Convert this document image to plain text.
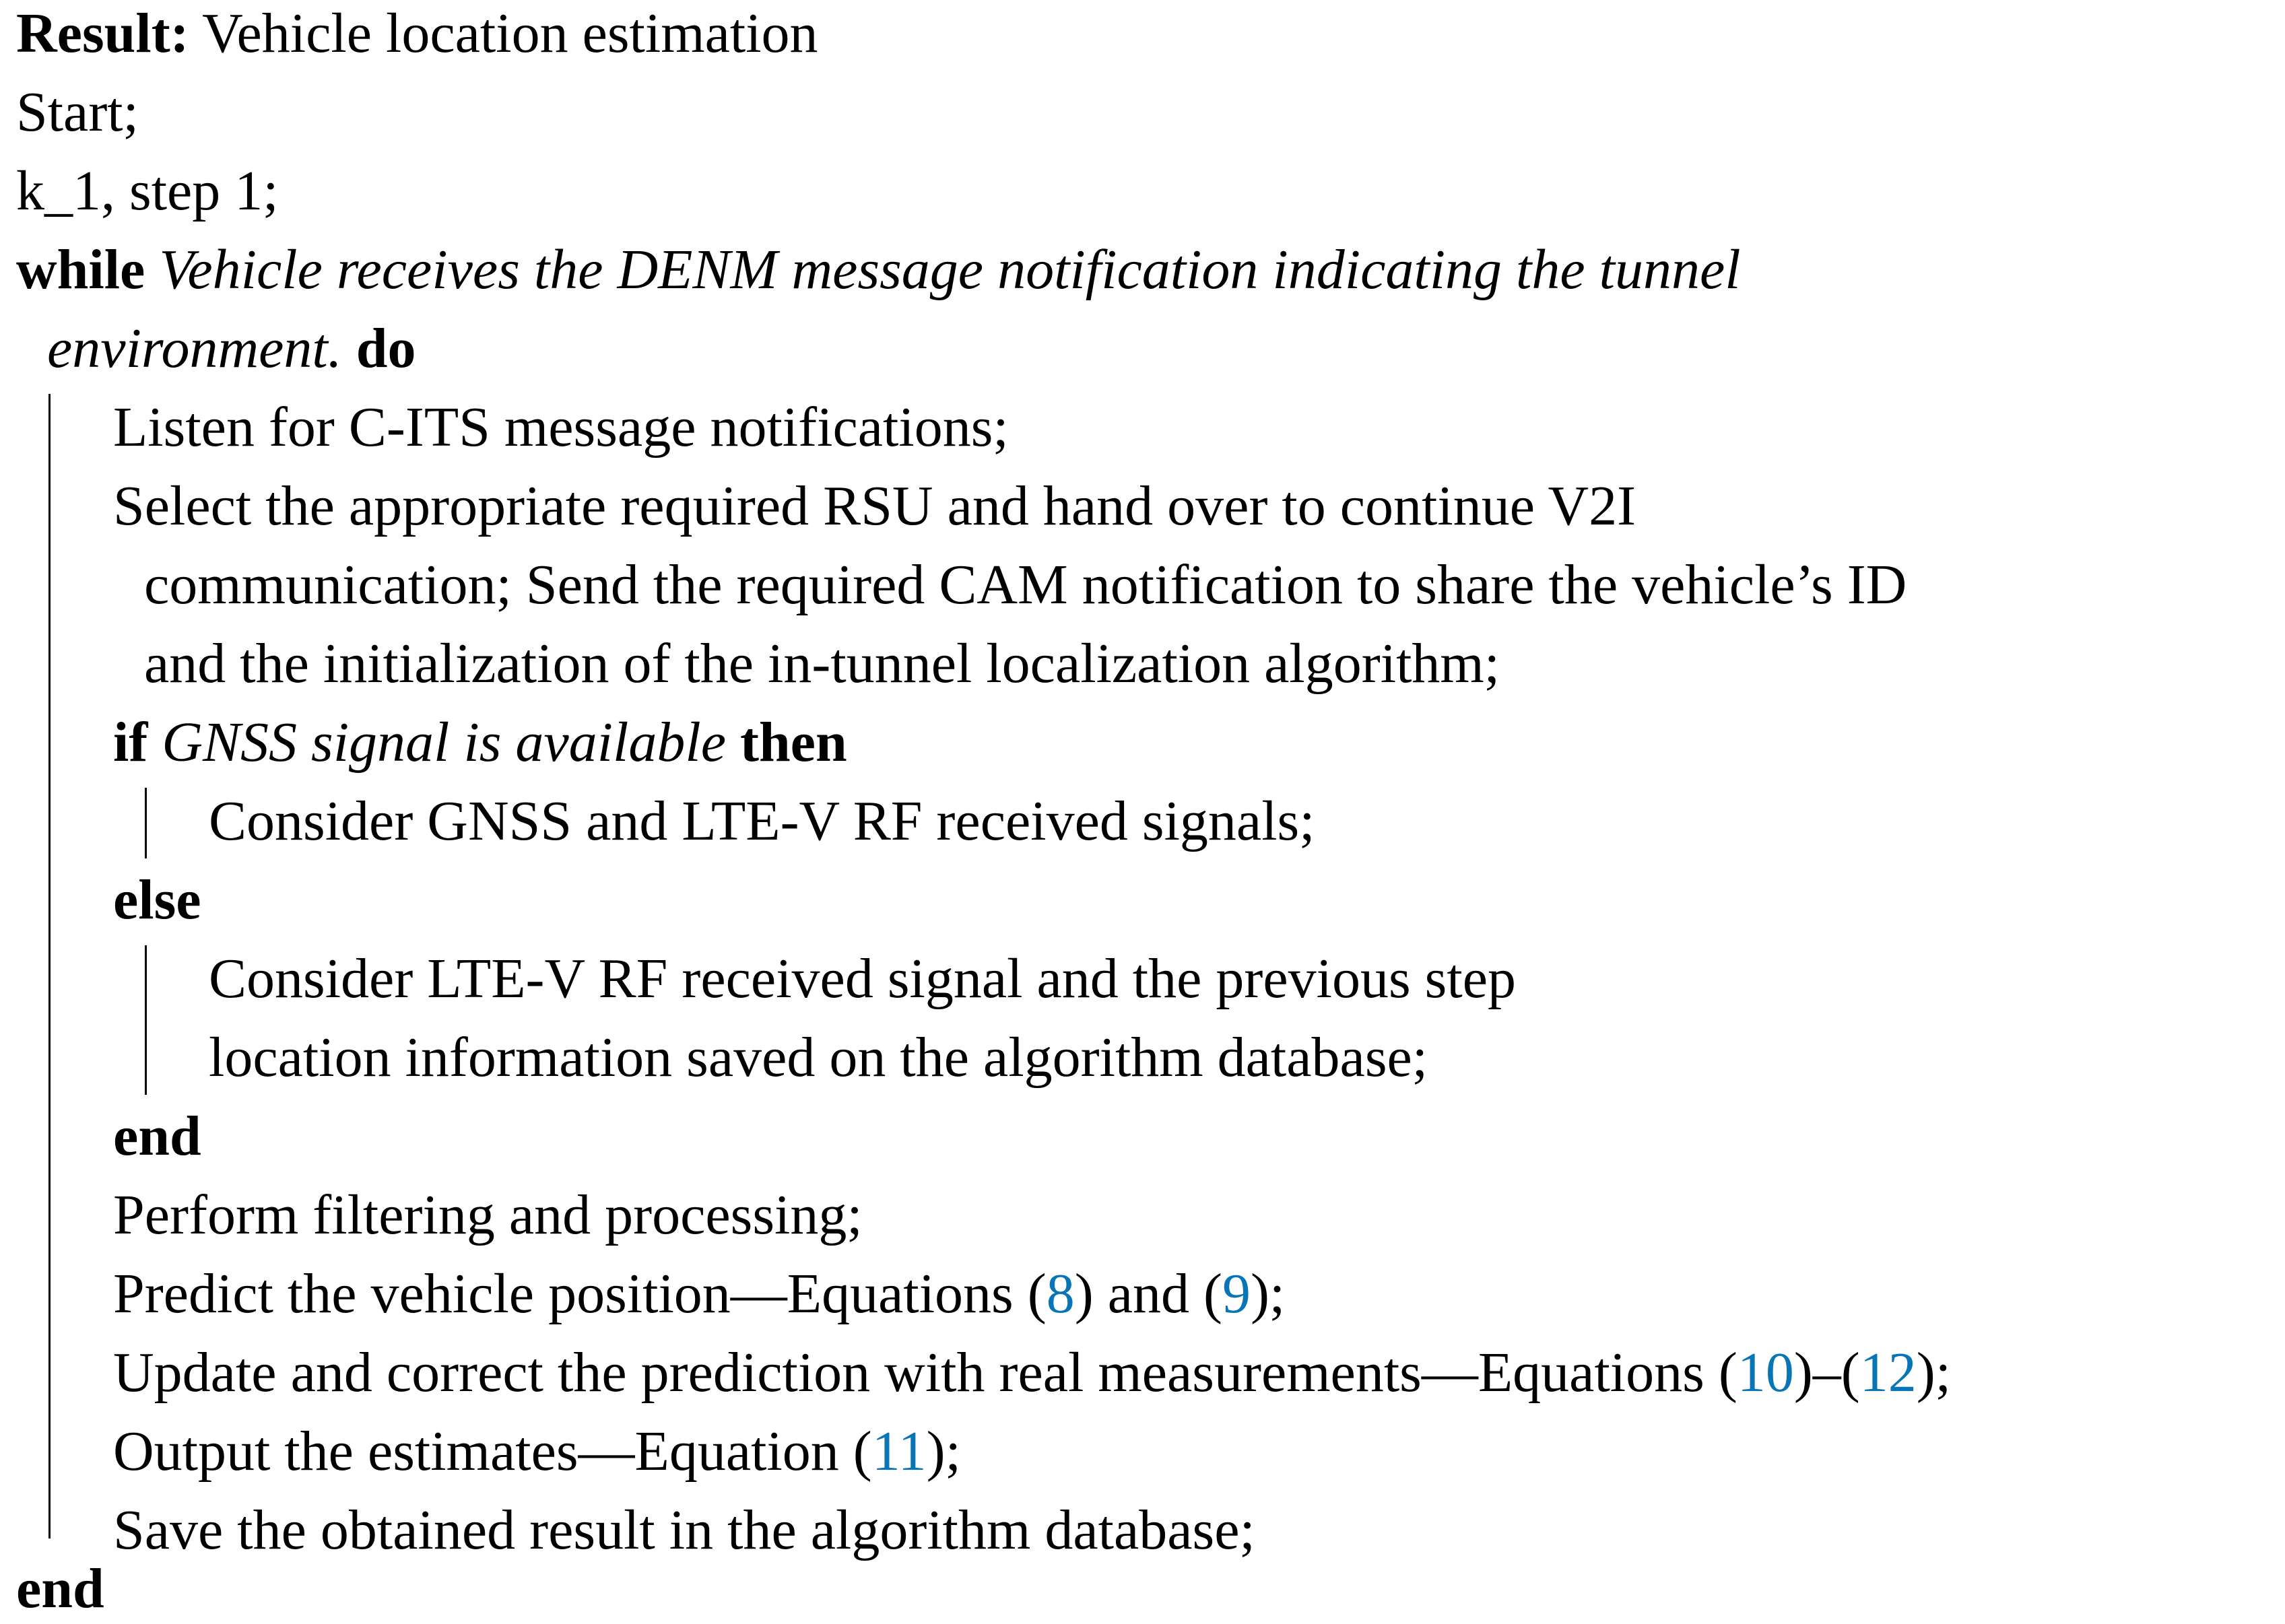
Result: Vehicle location estimation
Start;
k_1, step 1;
while Vehicle receives the DENM message notification indicating the tunnel
environment. do
Listen for C-ITS message notifications;
Select the appropriate required RSU and hand over to continue V2I
communication; Send the required CAM notification to share the vehicle’s ID
and the initialization of the in-tunnel localization algorithm;
if GNSS signal is available then
Consider GNSS and LTE-V RF received signals;
else
Consider LTE-V RF received signal and the previous step
location information saved on the algorithm database;
end
Perform filtering and processing;
Predict the vehicle position—Equations (8) and (9);
Update and correct the prediction with real measurements—Equations (10)–(12);
Output the estimates—Equation (11);
Save the obtained result in the algorithm database;
end
